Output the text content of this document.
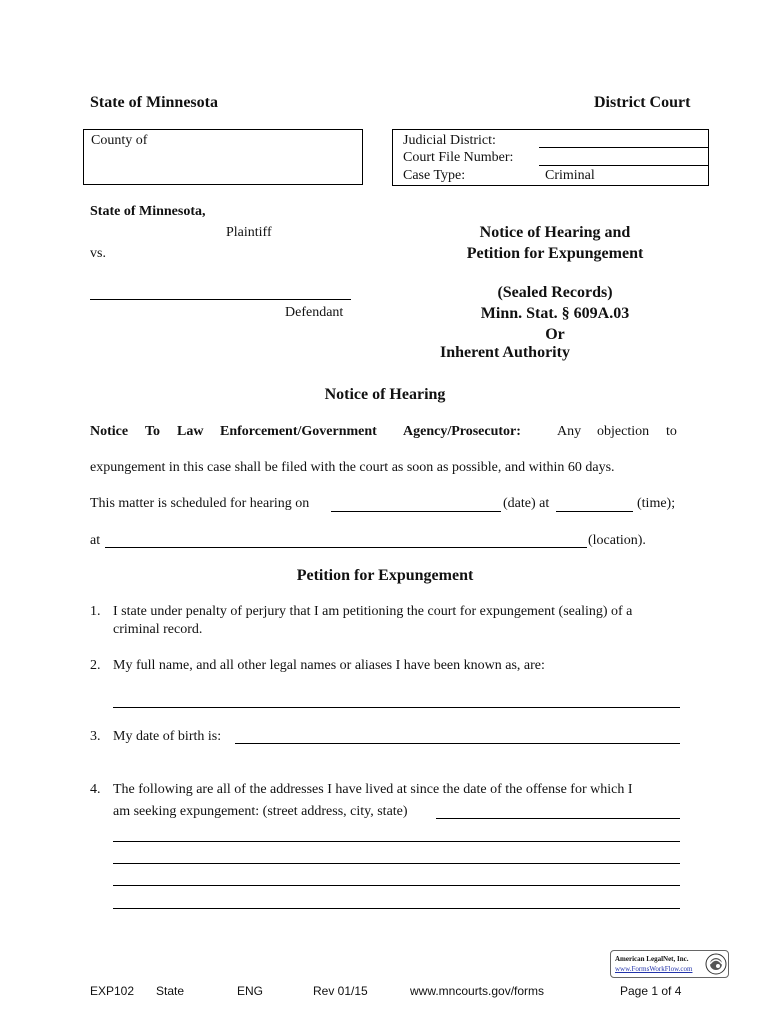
State of Minnesota	District Court
County of	Judicial District:
Court File Number:
Case Type:	Criminal
State of Minnesota,
Plaintiff
vs.
Defendant
Notice of Hearing and
Petition for Expungement
(Sealed Records)
Minn. Stat. § 609A.03
Or
Inherent Authority
Notice of Hearing
Notice To Law Enforcement/Government Agency/Prosecutor:	Any objection to
expungement in this case shall be filed with the court as soon as possible, and within 60 days.
This matter is scheduled for hearing on	(date) at	(time);
at	(location).
Petition for Expungement
1. I state under penalty of perjury that I am petitioning the court for expungement (sealing) of a
criminal record.
2. My full name, and all other legal names or aliases I have been known as, are:
3. My date of birth is:
4. The following are all of the addresses I have lived at since the date of the offense for which I
am seeking expungement: (street address, city, state)
American LegalNet, Inc.
www.FormsWorkFlow.com
EXP102 State	ENG	Rev 01/15	www.mncourts.gov/forms	Page 1 of 4
